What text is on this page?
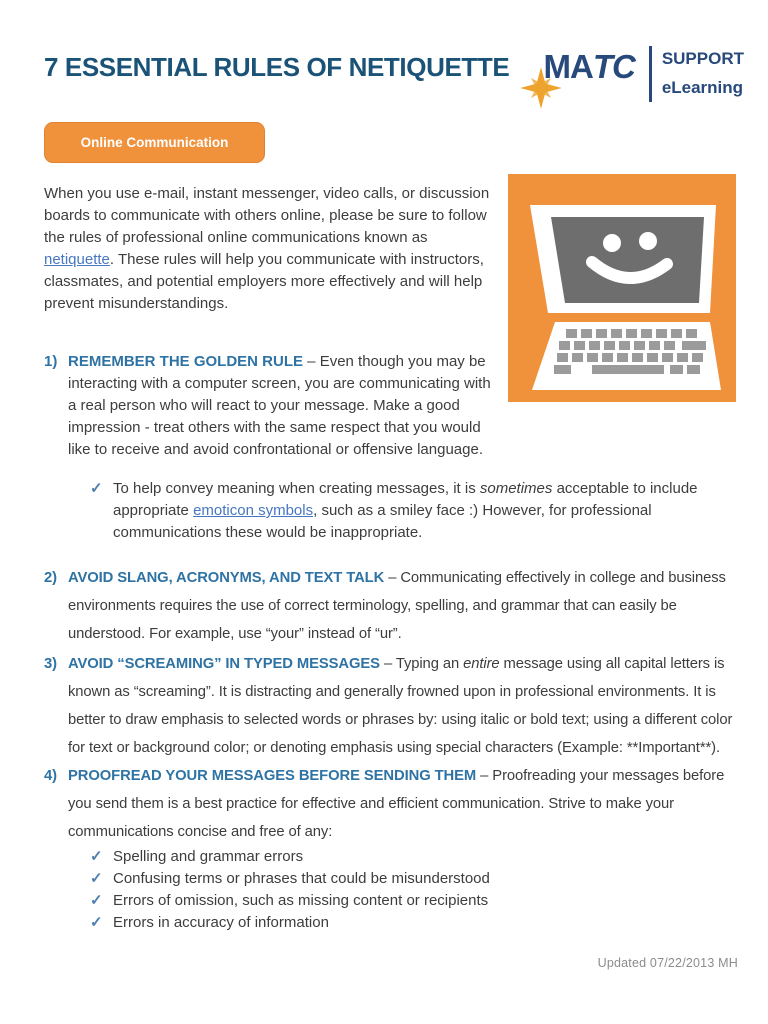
7 ESSENTIAL RULES OF NETIQUETTE	MATC SUPPORT
eLearning
Online Communication

When you use e-mail, instant messenger, video calls, or discussion boards to communicate with others online, please be sure to follow the rules of professional online communications known as netiquette. These rules will help you communicate with instructors, classmates, and potential employers more effectively and will help prevent misunderstandings.

1) REMEMBER THE GOLDEN RULE – Even though you may be interacting with a computer screen, you are communicating with a real person who will react to your message. Make a good impression - treat others with the same respect that you would like to receive and avoid confrontational or offensive language.
✓ To help convey meaning when creating messages, it is sometimes acceptable to include appropriate emoticon symbols, such as a smiley face :) However, for professional communications these would be inappropriate.
2) AVOID SLANG, ACRONYMS, AND TEXT TALK – Communicating effectively in college and business environments requires the use of correct terminology, spelling, and grammar that can easily be understood. For example, use “your” instead of “ur”.
3) AVOID “SCREAMING” IN TYPED MESSAGES – Typing an entire message using all capital letters is known as “screaming”. It is distracting and generally frowned upon in professional environments. It is better to draw emphasis to selected words or phrases by: using italic or bold text; using a different color for text or background color; or denoting emphasis using special characters (Example: **Important**).
4) PROOFREAD YOUR MESSAGES BEFORE SENDING THEM – Proofreading your messages before you send them is a best practice for effective and efficient communication. Strive to make your communications concise and free of any:
✓ Spelling and grammar errors
✓ Confusing terms or phrases that could be misunderstood
✓ Errors of omission, such as missing content or recipients
✓ Errors in accuracy of information
Updated 07/22/2013 MH
